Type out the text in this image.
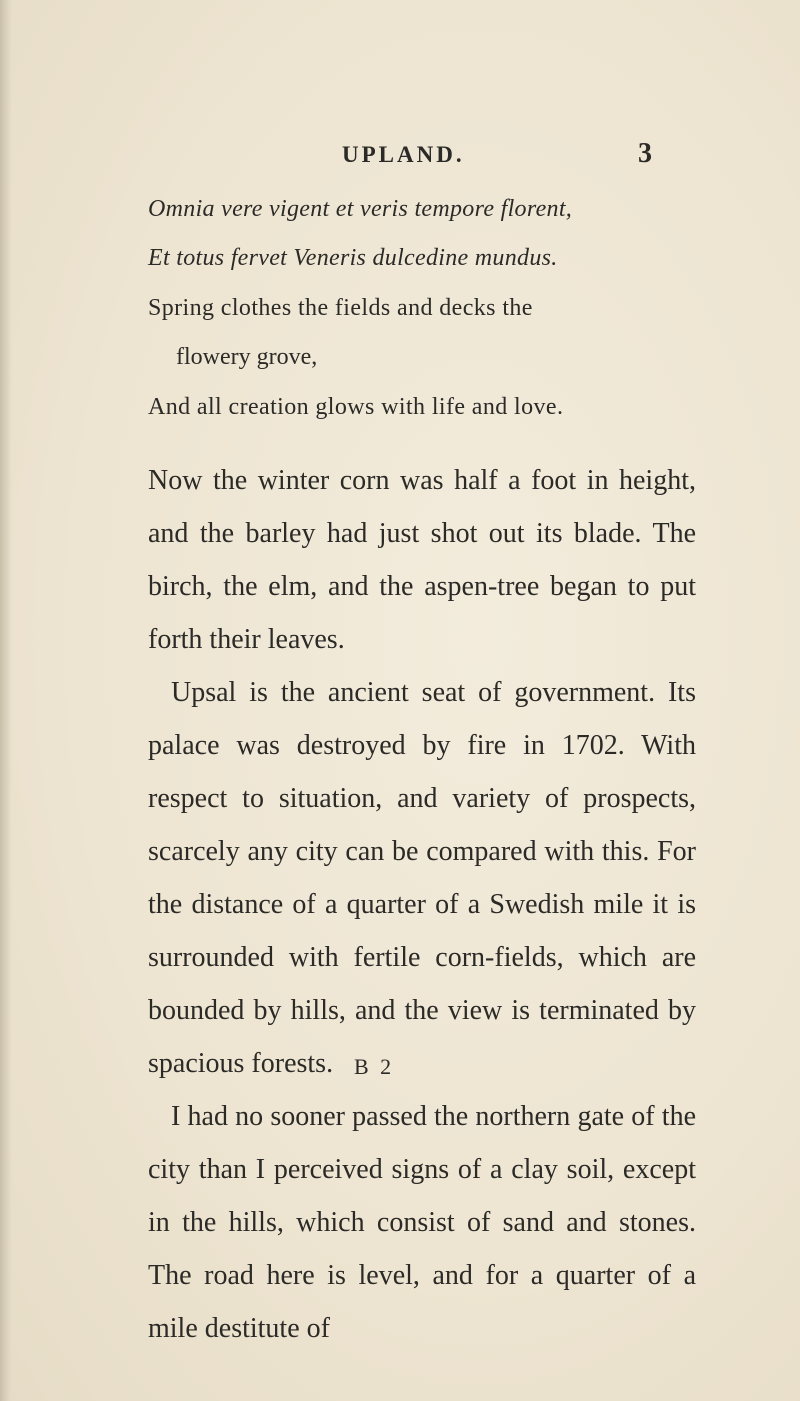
UPLAND.	3
Omnia vere vigent et veris tempore florent,
Et totus fervet Veneris dulcedine mundus.
Spring clothes the fields and decks the
flowery grove,
And all creation glows with life and love.

Now the winter corn was half a foot in height, and the barley had just shot out its blade. The birch, the elm, and the aspen-tree began to put forth their leaves.

Upsal is the ancient seat of government. Its palace was destroyed by fire in 1702. With respect to situation, and variety of prospects, scarcely any city can be compared with this. For the distance of a quarter of a Swedish mile it is surrounded with fertile corn-fields, which are bounded by hills, and the view is terminated by spacious forests.

I had no sooner passed the northern gate of the city than I perceived signs of a clay soil, except in the hills, which consist of sand and stones. The road here is level, and for a quarter of a mile destitute of

B 2
